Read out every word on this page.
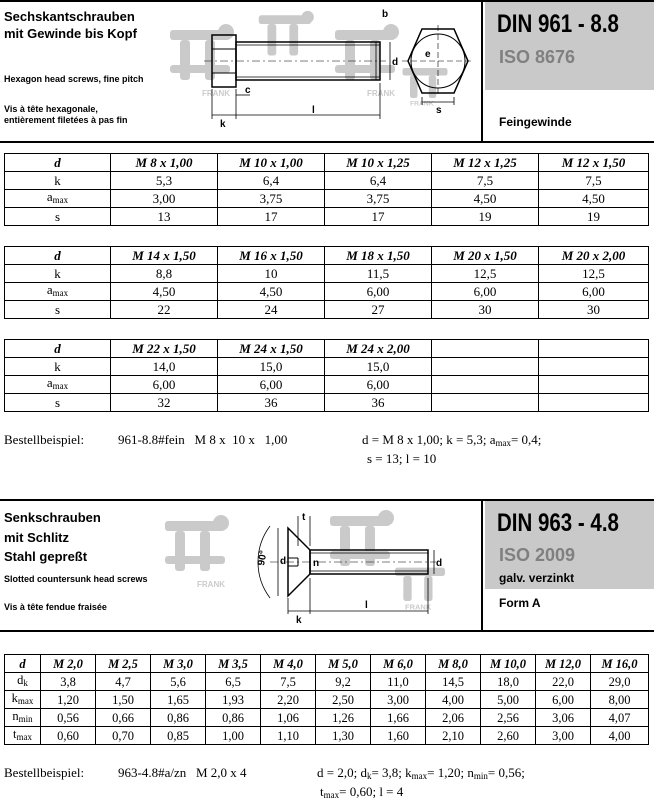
Sechskantschrauben
mit Gewinde bis Kopf
Hexagon head screws, fine pitch
Vis à tête hexagonale,
entièrement filetées à pas fin
FRANK	FRANK
FRANK
c
k
l
b
d
s
e
DIN 961 - 8.8
ISO 8676
Feingewinde
d	M 8 x 1,00	M 10 x 1,00	M 10 x 1,25	M 12 x 1,25	M 12 x 1,50
k	5,3	6,4	6,4	7,5	7,5
$a_{max}$	3,00	3,75	3,75	4,50	4,50
s	13	17	17	19	19
d	M 14 x 1,50	M 16 x 1,50	M 18 x 1,50	M 20 x 1,50	M 20 x 2,00
k	8,8	10	11,5	12,5	12,5
$a_{max}$	4,50	4,50	6,00	6,00	6,00
s	22	24	27	30	30
d	M 22 x 1,50	M 24 x 1,50	M 24 x 2,00		
k	14,0	15,0	15,0		
$a_{max}$	6,00	6,00	6,00		
s	32	36	36		
Bestellbeispiel:	961-8.8#fein   M 8 x  10 x   1,00	d = M 8 x 1,00; k = 5,3; $a_{max}= 0,4$;
s = 13; l = 10
Senkschrauben
mit Schlitz
Stahl gepreßt
Slotted countersunk head screws
Vis à tête fendue fraisée
FRANK
FRANK
t
n
90° d	d
k
l
DIN 963 - 4.8
ISO 2009
galv. verzinkt
Form A
d	M 2,0	M 2,5	M 3,0	M 3,5	M 4,0	M 5,0	M 6,0	M 8,0	M 10,0	M 12,0	M 16,0
$d_k$	3,8	4,7	5,6	6,5	7,5	9,2	11,0	14,5	18,0	22,0	29,0
$k_{max}$	1,20	1,50	1,65	1,93	2,20	2,50	3,00	4,00	5,00	6,00	8,00
$n_{min}$	0,56	0,66	0,86	0,86	1,06	1,26	1,66	2,06	2,56	3,06	4,07
$t_{max}$	0,60	0,70	0,85	1,00	1,10	1,30	1,60	2,10	2,60	3,00	4,00
Bestellbeispiel:	963-4.8#a/zn   M 2,0 x 4	d = 2,0; $d_k= 3,8$; $k_{max}= 1,20$; $n_{min}= 0,56$;
$t_{max}= 0,60$; l = 4
